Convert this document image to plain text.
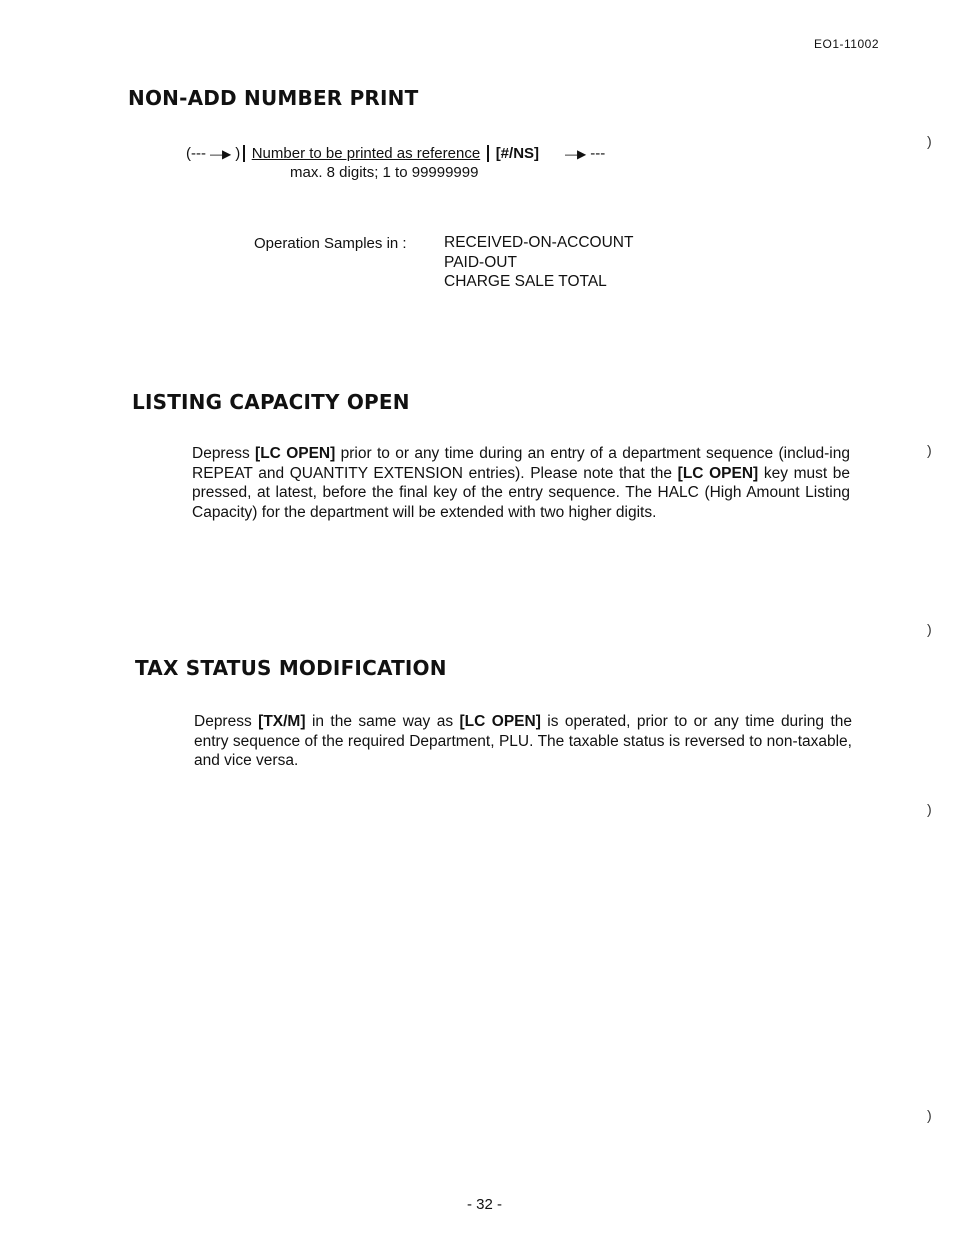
EO1-11002
NON-ADD NUMBER PRINT
(--- —▶ ) Number to be printed as reference [#/NS] —▶ ---
max. 8 digits; 1 to 99999999
Operation Samples in : RECEIVED-ON-ACCOUNT
PAID-OUT
CHARGE SALE TOTAL
LISTING CAPACITY OPEN

Depress [LC OPEN] prior to or any time during an entry of a department sequence (includ-ing REPEAT and QUANTITY EXTENSION entries). Please note that the [LC OPEN] key must be pressed, at latest, before the final key of the entry sequence. The HALC (High Amount Listing Capacity) for the department will be extended with two higher digits.

TAX STATUS MODIFICATION

Depress [TX/M] in the same way as [LC OPEN] is operated, prior to or any time during the entry sequence of the required Department, PLU. The taxable status is reversed to non-taxable, and vice versa.

)
)
)
)
)
- 32 -
